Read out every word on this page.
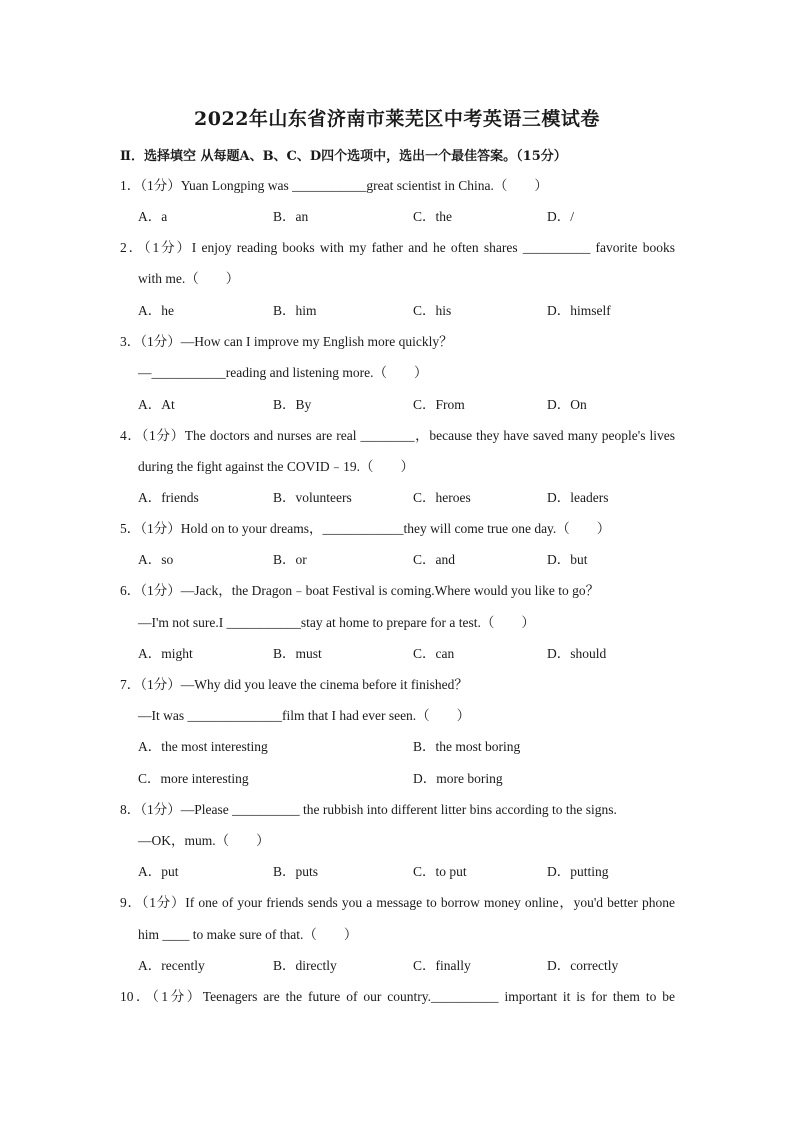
2022年山东省济南市莱芜区中考英语三模试卷
Ⅱ．选择填空 从每题A、B、C、D四个选项中，选出一个最佳答案。（15分）
1．（1分）Yuan Longping was ___________great scientist in China.（　　）
A．a	B．an	C．the	D．/
2．（1分）I enjoy reading books with my father and he often shares __________ favorite books
with me.（　　）
A．he	B．him	C．his	D．himself
3．（1分）—How can I improve my English more quickly？
—___________reading and listening more.（　　）
A．At	B．By	C．From	D．On
4．（1分）The doctors and nurses are real ________，because they have saved many people's lives
during the fight against the COVID﹣19.（　　）
A．friends	B．volunteers	C．heroes	D．leaders
5．（1分）Hold on to your dreams，____________they will come true one day.（　　）
A．so	B．or	C．and	D．but
6．（1分）—Jack，the Dragon﹣boat Festival is coming.Where would you like to go？
—I'm not sure.I ___________stay at home to prepare for a test.（　　）
A．might	B．must	C．can	D．should
7．（1分）—Why did you leave the cinema before it finished？
—It was ______________film that I had ever seen.（　　）
A．the most interesting	B．the most boring
C．more interesting	D．more boring
8．（1分）—Please __________ the rubbish into different litter bins according to the signs.
—OK，mum.（　　）
A．put	B．puts	C．to put	D．putting
9．（1分）If one of your friends sends you a message to borrow money online，you'd better phone
him ____ to make sure of that.（　　）
A．recently	B．directly	C．finally	D．correctly
10．（1分）Teenagers are the future of our country.__________ important it is for them to be
